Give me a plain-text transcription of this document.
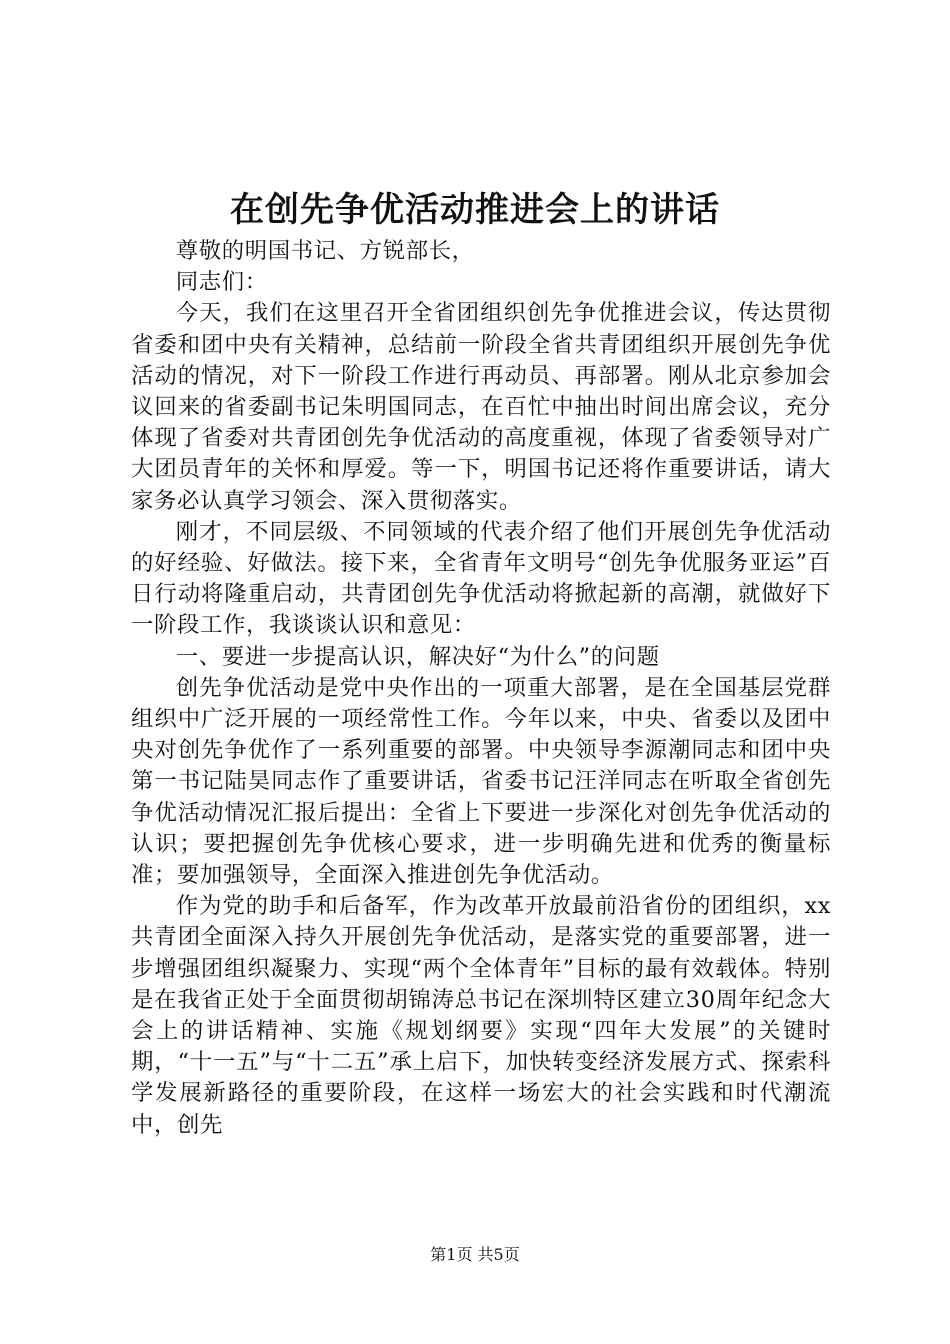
在创先争优活动推进会上的讲话

尊敬的明国书记、方锐部长，

同志们：

今天，我们在这里召开全省团组织创先争优推进会议，传达贯彻省委和团中央有关精神，总结前一阶段全省共青团组织开展创先争优活动的情况，对下一阶段工作进行再动员、再部署。刚从北京参加会议回来的省委副书记朱明国同志，在百忙中抽出时间出席会议，充分体现了省委对共青团创先争优活动的高度重视，体现了省委领导对广大团员青年的关怀和厚爱。等一下，明国书记还将作重要讲话，请大家务必认真学习领会、深入贯彻落实。

刚才，不同层级、不同领域的代表介绍了他们开展创先争优活动的好经验、好做法。接下来，全省青年文明号“创先争优服务亚运”百日行动将隆重启动，共青团创先争优活动将掀起新的高潮，就做好下一阶段工作，我谈谈认识和意见：

一、要进一步提高认识，解决好“为什么”的问题

创先争优活动是党中央作出的一项重大部署，是在全国基层党群组织中广泛开展的一项经常性工作。今年以来，中央、省委以及团中央对创先争优作了一系列重要的部署。中央领导李源潮同志和团中央第一书记陆昊同志作了重要讲话，省委书记汪洋同志在听取全省创先争优活动情况汇报后提出：全省上下要进一步深化对创先争优活动的认识；要把握创先争优核心要求，进一步明确先进和优秀的衡量标准；要加强领导，全面深入推进创先争优活动。

作为党的助手和后备军，作为改革开放最前沿省份的团组织，xx共青团全面深入持久开展创先争优活动，是落实党的重要部署，进一步增强团组织凝聚力、实现“两个全体青年”目标的最有效载体。特别是在我省正处于全面贯彻胡锦涛总书记在深圳特区建立30周年纪念大会上的讲话精神、实施《规划纲要》实现“四年大发展”的关键时期，“十一五”与“十二五”承上启下，加快转变经济发展方式、探索科学发展新路径的重要阶段，在这样一场宏大的社会实践和时代潮流中，创先

第1页 共5页
